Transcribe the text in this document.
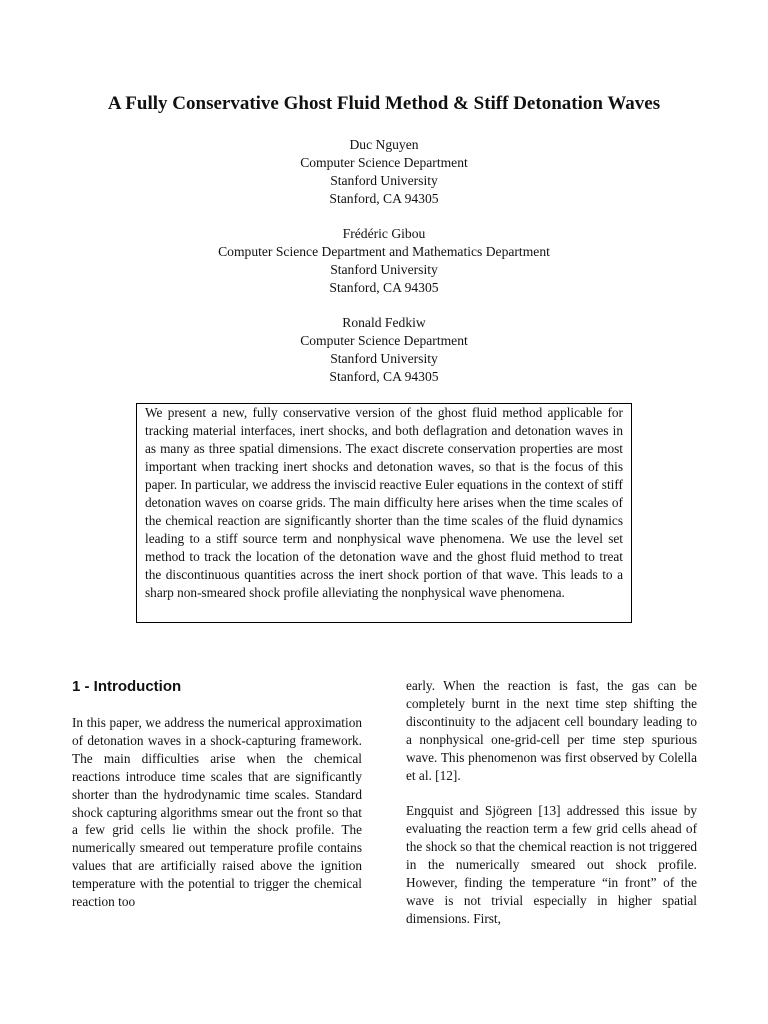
A Fully Conservative Ghost Fluid Method & Stiff Detonation Waves
Duc Nguyen
Computer Science Department
Stanford University
Stanford, CA 94305
Frédéric Gibou
Computer Science Department and Mathematics Department
Stanford University
Stanford, CA 94305
Ronald Fedkiw
Computer Science Department
Stanford University
Stanford, CA 94305
We present a new, fully conservative version of the ghost fluid method applicable for tracking material interfaces, inert shocks, and both deflagration and detonation waves in as many as three spatial dimensions. The exact discrete conservation properties are most important when tracking inert shocks and detonation waves, so that is the focus of this paper. In particular, we address the inviscid reactive Euler equations in the context of stiff detonation waves on coarse grids. The main difficulty here arises when the time scales of the chemical reaction are significantly shorter than the time scales of the fluid dynamics leading to a stiff source term and nonphysical wave phenomena. We use the level set method to track the location of the detonation wave and the ghost fluid method to treat the discontinuous quantities across the inert shock portion of that wave. This leads to a sharp non-smeared shock profile alleviating the nonphysical wave phenomena.
1 - Introduction

In this paper, we address the numerical approximation of detonation waves in a shock-capturing framework. The main difficulties arise when the chemical reactions introduce time scales that are significantly shorter than the hydrodynamic time scales. Standard shock capturing algorithms smear out the front so that a few grid cells lie within the shock profile. The numerically smeared out temperature profile contains values that are artificially raised above the ignition temperature with the potential to trigger the chemical reaction too

early. When the reaction is fast, the gas can be completely burnt in the next time step shifting the discontinuity to the adjacent cell boundary leading to a nonphysical one-grid-cell per time step spurious wave. This phenomenon was first observed by Colella et al. [12].

Engquist and Sjögreen [13] addressed this issue by evaluating the reaction term a few grid cells ahead of the shock so that the chemical reaction is not triggered in the numerically smeared out shock profile. However, finding the temperature “in front” of the wave is not trivial especially in higher spatial dimensions. First,
